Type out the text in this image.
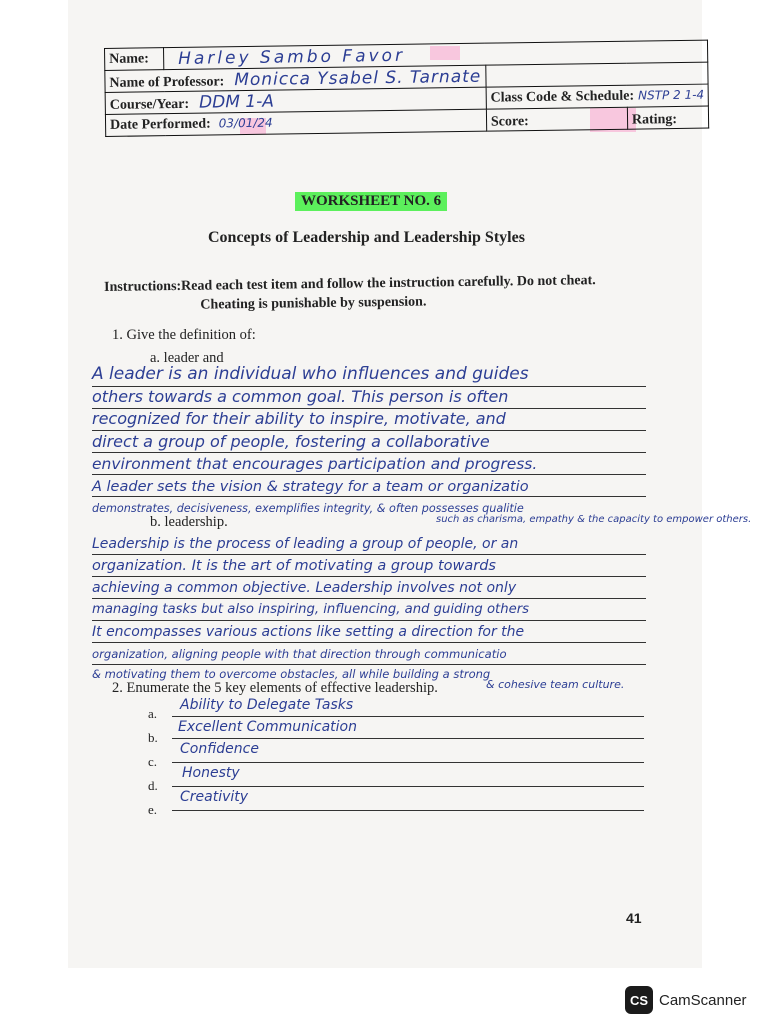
Name:	Harley Sambo Favor		
Name of Professor: Monicca Ysabel S. Tarnate			
Course/Year: DDM 1-A		Class Code & Schedule: NSTP 2 1-4	
Date Performed: 03/01/24		Score:	Rating:
WORKSHEET NO. 6
Concepts of Leadership and Leadership Styles
Instructions:Read each test item and follow the instruction carefully. Do not cheat.
Cheating is punishable by suspension.
1. Give the definition of:
a. leader and
A leader is an individual who influences and guides
others towards a common goal. This person is often
recognized for their ability to inspire, motivate, and
direct a group of people, fostering a collaborative
environment that encourages participation and progress.
A leader sets the vision & strategy for a team or organizatio
demonstrates, decisiveness, exemplifies integrity, & often possesses qualitie
such as charisma, empathy & the capacity to empower others.
b. leadership.
Leadership is the process of leading a group of people, or an
organization. It is the art of motivating a group towards
achieving a common objective. Leadership involves not only
managing tasks but also inspiring, influencing, and guiding others
It encompasses various actions like setting a direction for the
organization, aligning people with that direction through communicatio
& motivating them to overcome obstacles, all while building a strong
& cohesive team culture.
2. Enumerate the 5 key elements of effective leadership.
a.
Ability to Delegate Tasks
b.
Excellent Communication
c.
Confidence
d.
Honesty
e.
Creativity
41
CS CamScanner
